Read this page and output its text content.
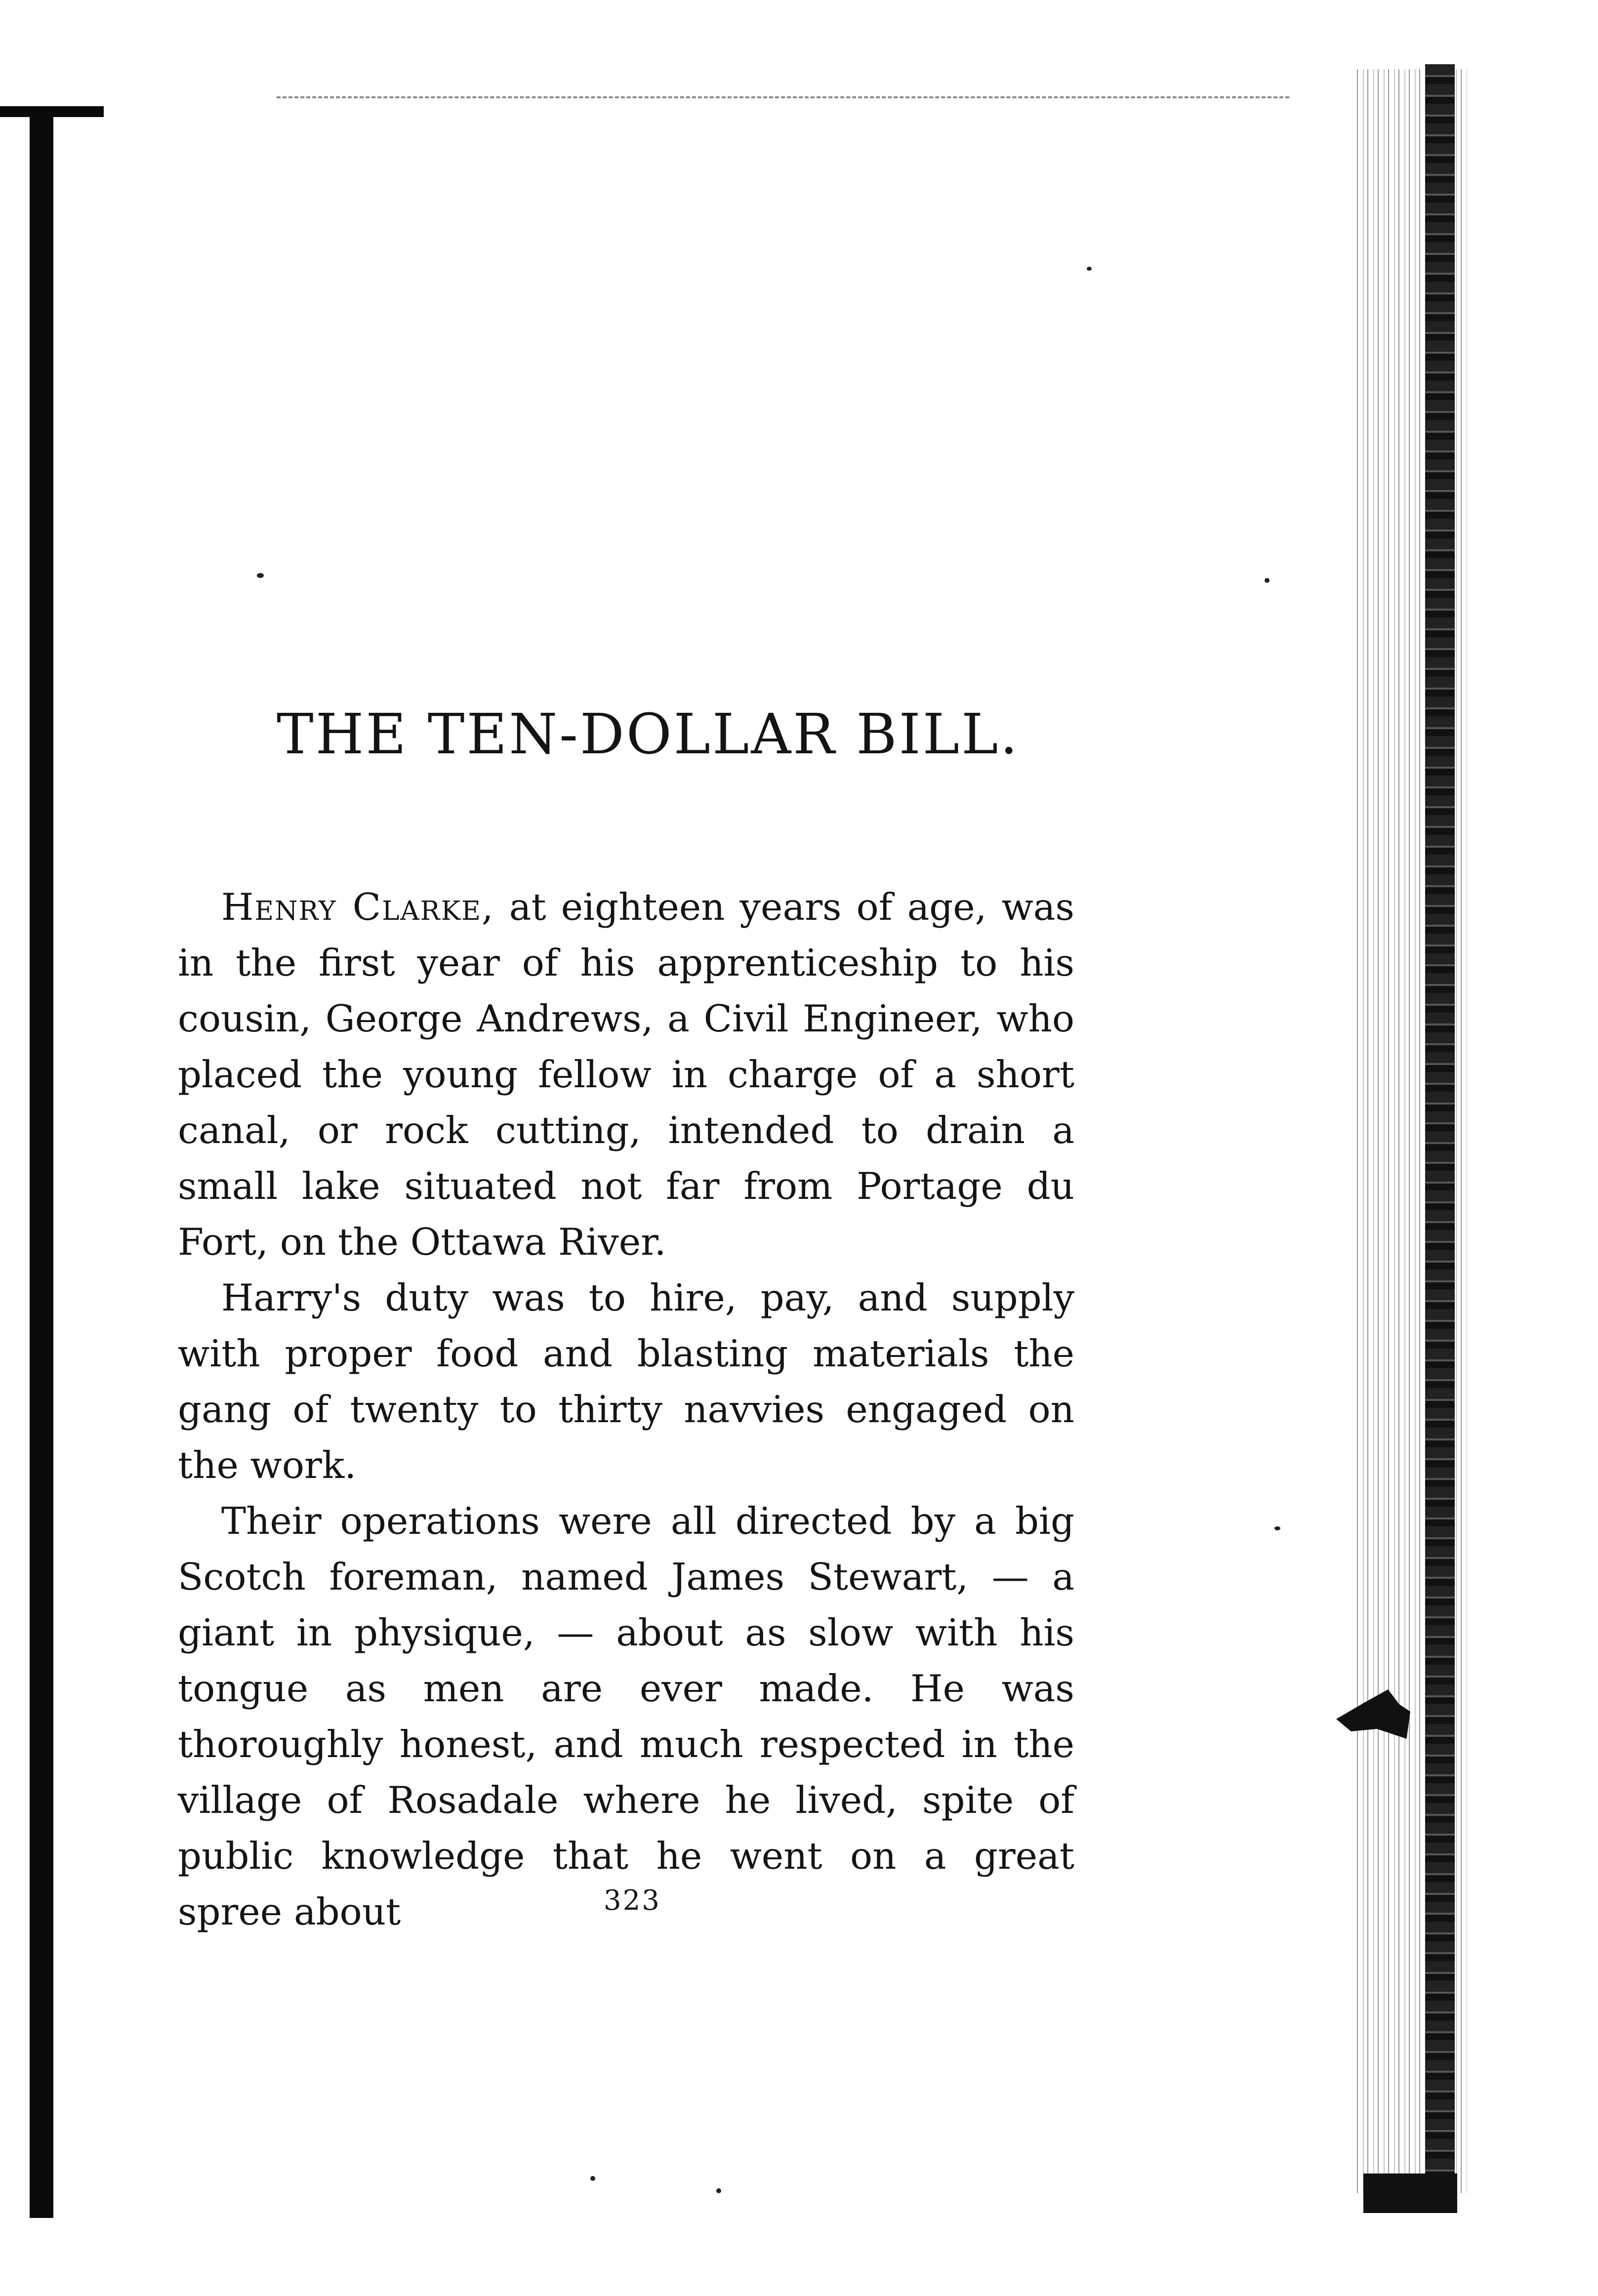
THE TEN-DOLLAR BILL.

Henry Clarke, at eighteen years of age, was in the first year of his apprenticeship to his cousin, George Andrews, a Civil Engineer, who placed the young fellow in charge of a short canal, or rock cutting, intended to drain a small lake situated not far from Portage du Fort, on the Ottawa River.

Harry's duty was to hire, pay, and supply with proper food and blasting materials the gang of twenty to thirty navvies engaged on the work.

Their operations were all directed by a big Scotch foreman, named James Stewart, — a giant in physique, — about as slow with his tongue as men are ever made. He was thoroughly honest, and much respected in the village of Rosadale where he lived, spite of public knowledge that he went on a great spree about	323
